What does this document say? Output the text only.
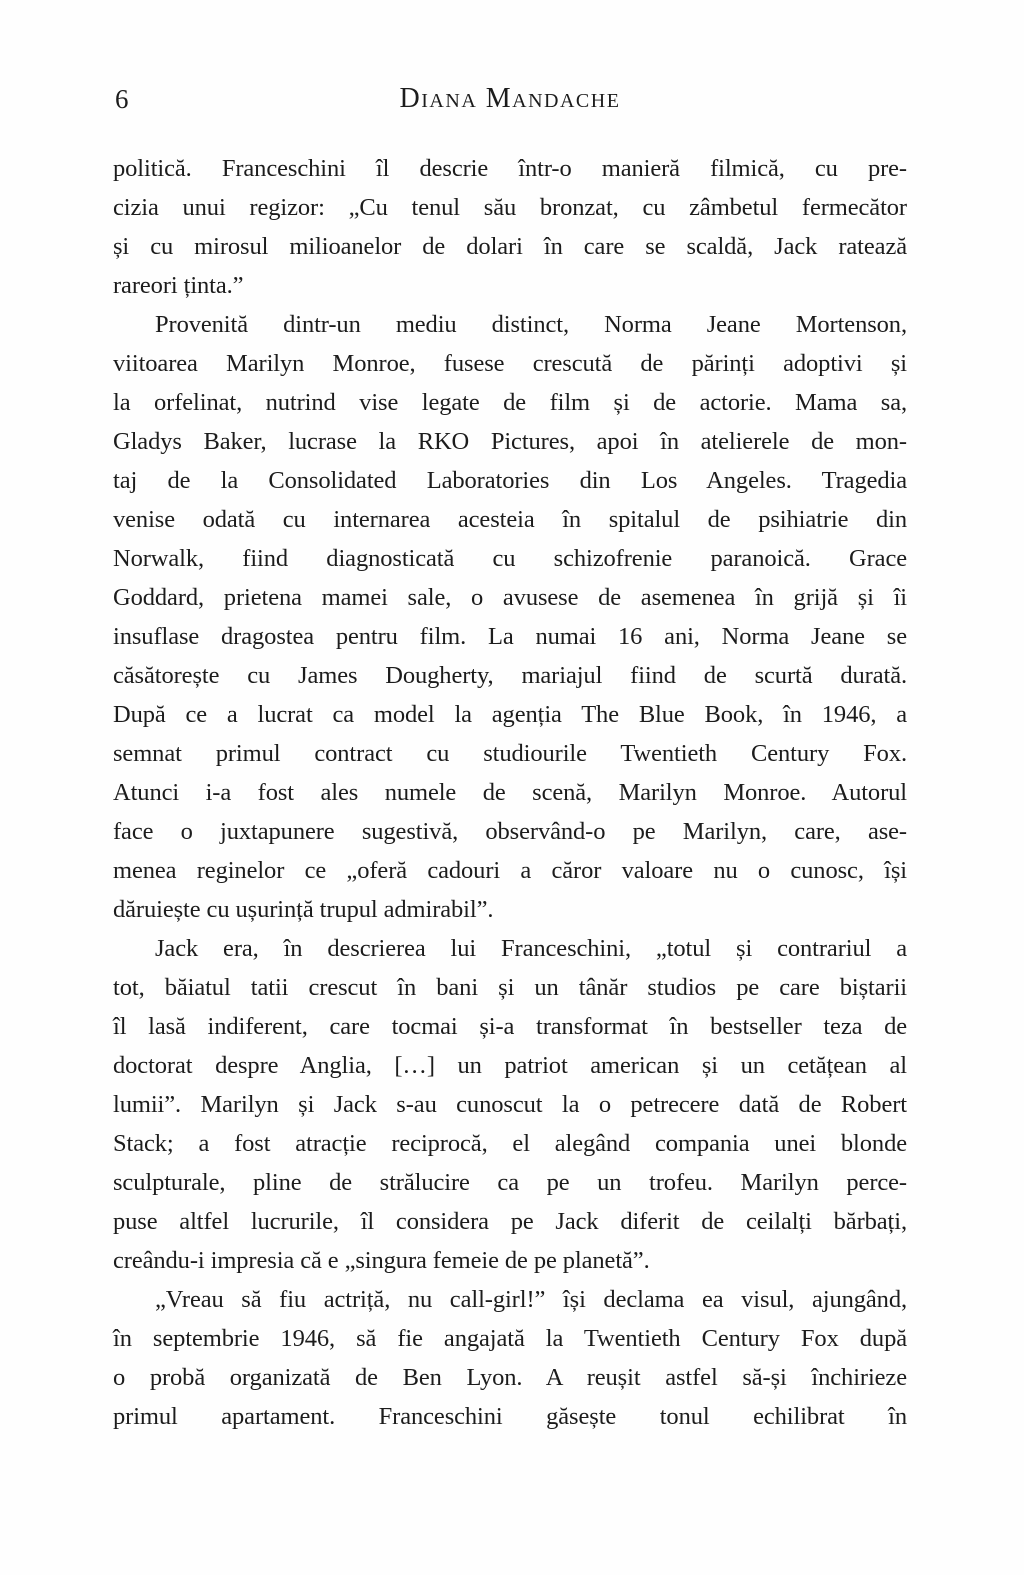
6	Diana Mandache
politică. Franceschini îl descrie într-o manieră filmică, cu pre-
cizia unui regizor: „Cu tenul său bronzat, cu zâmbetul fermecător
și cu mirosul milioanelor de dolari în care se scaldă, Jack ratează
rareori ținta.”
Provenită dintr-un mediu distinct, Norma Jeane Mortenson,
viitoarea Marilyn Monroe, fusese crescută de părinți adoptivi și
la orfelinat, nutrind vise legate de film și de actorie. Mama sa,
Gladys Baker, lucrase la RKO Pictures, apoi în atelierele de mon-
taj de la Consolidated Laboratories din Los Angeles. Tragedia
venise odată cu internarea acesteia în spitalul de psihiatrie din
Norwalk, fiind diagnosticată cu schizofrenie paranoică. Grace
Goddard, prietena mamei sale, o avusese de asemenea în grijă și îi
insuflase dragostea pentru film. La numai 16 ani, Norma Jeane se
căsătorește cu James Dougherty, mariajul fiind de scurtă durată.
După ce a lucrat ca model la agenția The Blue Book, în 1946, a
semnat primul contract cu studiourile Twentieth Century Fox.
Atunci i-a fost ales numele de scenă, Marilyn Monroe. Autorul
face o juxtapunere sugestivă, observând-o pe Marilyn, care, ase-
menea reginelor ce „oferă cadouri a căror valoare nu o cunosc, își
dăruiește cu ușurință trupul admirabil”.
Jack era, în descrierea lui Franceschini, „totul și contrariul a
tot, băiatul tatii crescut în bani și un tânăr studios pe care biștarii
îl lasă indiferent, care tocmai și-a transformat în bestseller teza de
doctorat despre Anglia, […] un patriot american și un cetățean al
lumii”. Marilyn și Jack s-au cunoscut la o petrecere dată de Robert
Stack; a fost atracție reciprocă, el alegând compania unei blonde
sculpturale, pline de strălucire ca pe un trofeu. Marilyn perce-
puse altfel lucrurile, îl considera pe Jack diferit de ceilalți bărbați,
creându-i impresia că e „singura femeie de pe planetă”.
„Vreau să fiu actriță, nu call-girl!” își declama ea visul, ajungând,
în septembrie 1946, să fie angajată la Twentieth Century Fox după
o probă organizată de Ben Lyon. A reușit astfel să-și închirieze
primul apartament. Franceschini găsește tonul echilibrat în
